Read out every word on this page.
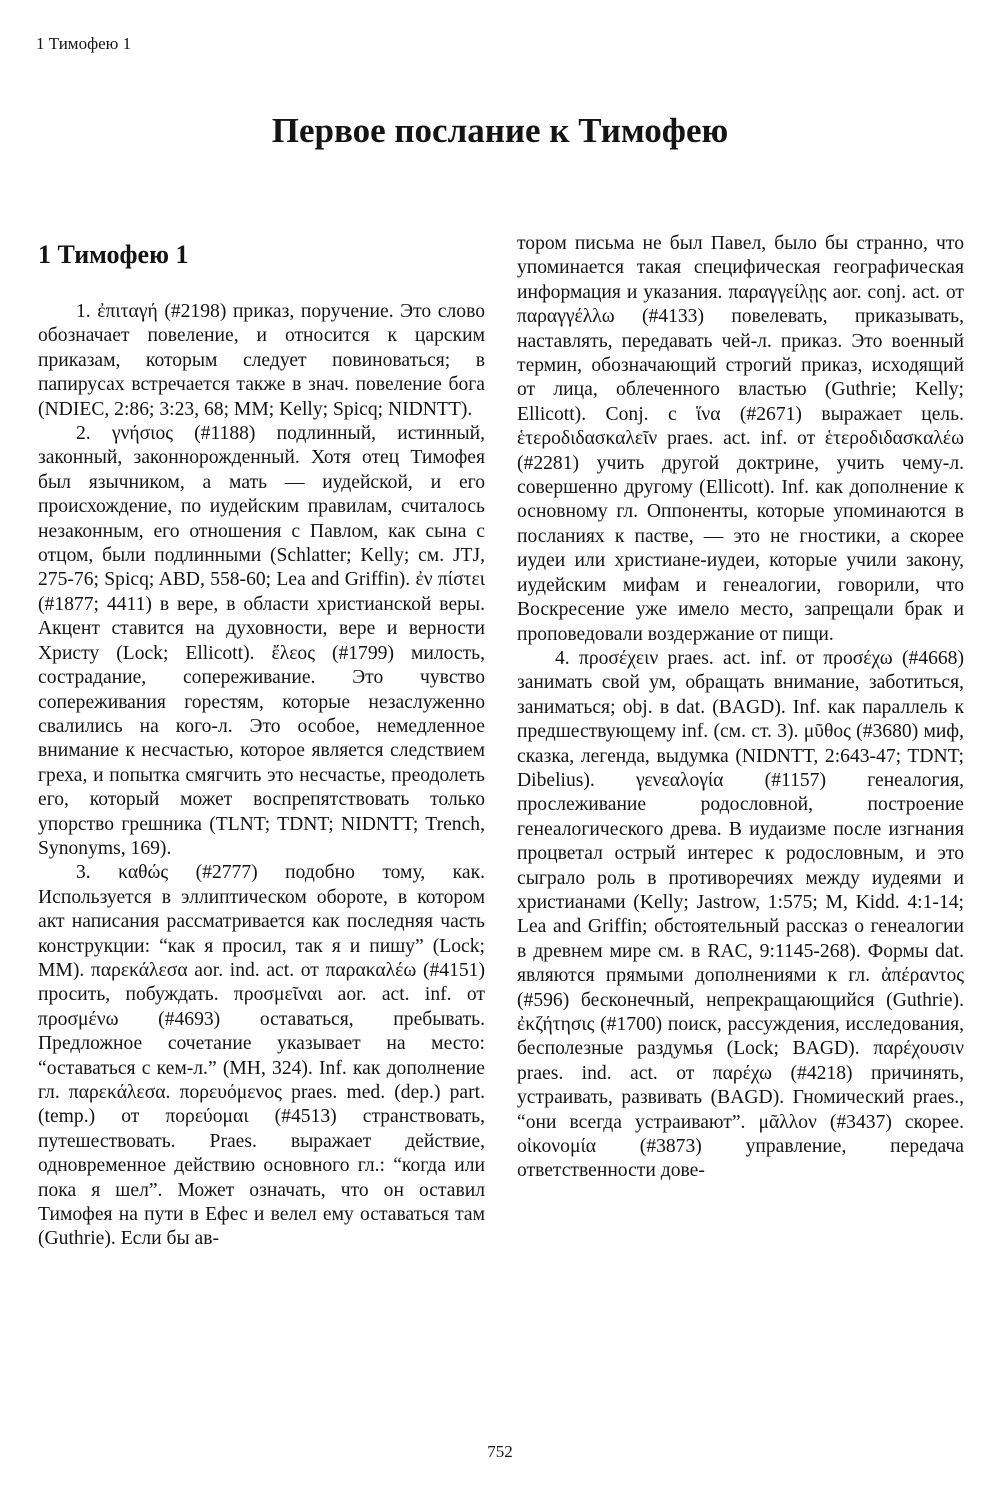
1 Тимофею 1
Первое послание к Тимофею
1 Тимофею 1

1. ἐπιταγή (#2198) приказ, поручение. Это слово обозначает повеление, и относится к царским приказам, которым следует повиноваться; в папирусах встречается также в знач. повеление бога (NDIEC, 2:86; 3:23, 68; MM; Kelly; Spicq; NIDNTT).

2. γνήσιος (#1188) подлинный, истинный, законный, законнорожденный. Хотя отец Тимофея был язычником, а мать — иудейской, и его происхождение, по иудейским правилам, считалось незаконным, его отношения с Павлом, как сына с отцом, были подлинными (Schlatter; Kelly; см. JTJ, 275-76; Spicq; ABD, 558-60; Lea and Griffin). ἐν πίστει (#1877; 4411) в вере, в области христианской веры. Акцент ставится на духовности, вере и верности Христу (Lock; Ellicott). ἔλεος (#1799) милость, сострадание, сопереживание. Это чувство сопереживания горестям, которые незаслуженно свалились на кого-л. Это особое, немедленное внимание к несчастью, которое является следствием греха, и попытка смягчить это несчастье, преодолеть его, который может воспрепятствовать только упорство грешника (TLNT; TDNT; NIDNTT; Trench, Synonyms, 169).

3. καθώς (#2777) подобно тому, как. Используется в эллиптическом обороте, в котором акт написания рассматривается как последняя часть конструкции: “как я просил, так я и пишу” (Lock; MM). παρεκάλεσα aor. ind. act. от παρακαλέω (#4151) просить, побуждать. προσμεῖναι aor. act. inf. от προσμένω (#4693) оставаться, пребывать. Предложное сочетание указывает на место: “оставаться с кем-л.” (MH, 324). Inf. как дополнение гл. παρεκάλεσα. πορευόμενος praes. med. (dep.) part. (temp.) от πορεύομαι (#4513) странствовать, путешествовать. Praes. выражает действие, одновременное действию основного гл.: “когда или пока я шел”. Может означать, что он оставил Тимофея на пути в Ефес и велел ему оставаться там (Guthrie). Если бы ав-

тором письма не был Павел, было бы странно, что упоминается такая специфическая географическая информация и указания. παραγγείλῃς aor. conj. act. от παραγγέλλω (#4133) повелевать, приказывать, наставлять, передавать чей-л. приказ. Это военный термин, обозначающий строгий приказ, исходящий от лица, облеченного властью (Guthrie; Kelly; Ellicott). Conj. с ἵνα (#2671) выражает цель. ἑτεροδιδασκαλεῖν praes. act. inf. от ἑτεροδιδασκαλέω (#2281) учить другой доктрине, учить чему-л. совершенно другому (Ellicott). Inf. как дополнение к основному гл. Оппоненты, которые упоминаются в посланиях к пастве, — это не гностики, а скорее иудеи или христиане-иудеи, которые учили закону, иудейским мифам и генеалогии, говорили, что Воскресение уже имело место, запрещали брак и проповедовали воздержание от пищи.

4. προσέχειν praes. act. inf. от προσέχω (#4668) занимать свой ум, обращать внимание, заботиться, заниматься; obj. в dat. (BAGD). Inf. как параллель к предшествующему inf. (см. ст. 3). μῦθος (#3680) миф, сказка, легенда, выдумка (NIDNTT, 2:643-47; TDNT; Dibelius). γενεαλογία (#1157) генеалогия, прослеживание родословной, построение генеалогического древа. В иудаизме после изгнания процветал острый интерес к родословным, и это сыграло роль в противоречиях между иудеями и христианами (Kelly; Jastrow, 1:575; M, Kidd. 4:1-14; Lea and Griffin; обстоятельный рассказ о генеалогии в древнем мире см. в RAC, 9:1145-268). Формы dat. являются прямыми дополнениями к гл. ἀπέραντος (#596) бесконечный, непрекращающийся (Guthrie). ἐκζήτησις (#1700) поиск, рассуждения, исследования, бесполезные раздумья (Lock; BAGD). παρέχουσιν praes. ind. act. от παρέχω (#4218) причинять, устраивать, развивать (BAGD). Гномический praes., “они всегда устраивают”. μᾶλλον (#3437) скорее. οἰκονομία (#3873) управление, передача ответственности дове-

752
